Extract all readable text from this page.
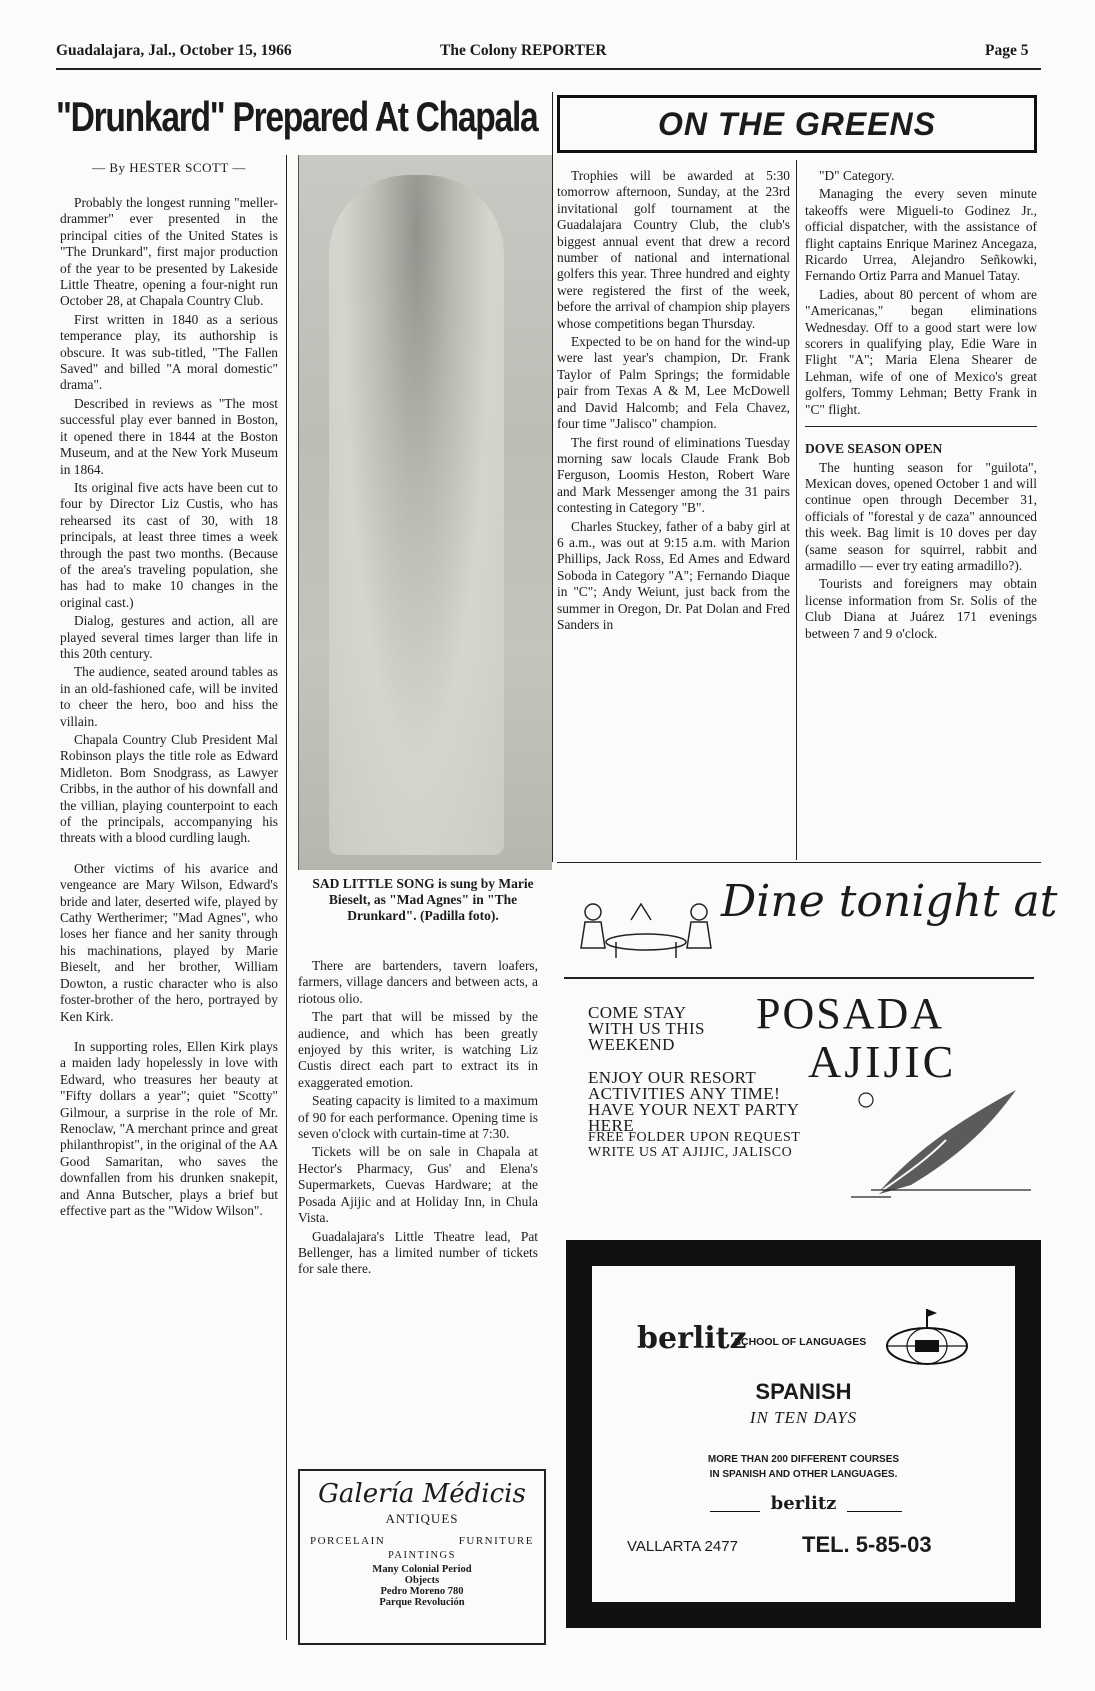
Guadalajara, Jal., October 15, 1966	The Colony REPORTER	Page 5
"Drunkard" Prepared At Chapala
— By HESTER SCOTT —

Probably the longest running "meller-drammer" ever presented in the principal cities of the United States is "The Drunkard", first major production of the year to be presented by Lakeside Little Theatre, opening a four-night run October 28, at Chapala Country Club.

First written in 1840 as a serious temperance play, its authorship is obscure. It was sub-titled, "The Fallen Saved" and billed "A moral domestic" drama".

Described in reviews as "The most successful play ever banned in Boston, it opened there in 1844 at the Boston Museum, and at the New York Museum in 1864.

Its original five acts have been cut to four by Director Liz Custis, who has rehearsed its cast of 30, with 18 principals, at least three times a week through the past two months. (Because of the area's traveling population, she has had to make 10 changes in the original cast.)

Dialog, gestures and action, all are played several times larger than life in this 20th century.

The audience, seated around tables as in an old-fashioned cafe, will be invited to cheer the hero, boo and hiss the villain.

Chapala Country Club President Mal Robinson plays the title role as Edward Midleton. Bom Snodgrass, as Lawyer Cribbs, in the author of his downfall and the villian, playing counterpoint to each of the principals, accompanying his threats with a blood curdling laugh.

Other victims of his avarice and vengeance are Mary Wilson, Edward's bride and later, deserted wife, played by Cathy Wertherimer; "Mad Agnes", who loses her fiance and her sanity through his machinations, played by Marie Bieselt, and her brother, William Dowton, a rustic character who is also foster-brother of the hero, portrayed by Ken Kirk.

In supporting roles, Ellen Kirk plays a maiden lady hopelessly in love with Edward, who treasures her beauty at "Fifty dollars a year"; quiet "Scotty" Gilmour, a surprise in the role of Mr. Renoclaw, "A merchant prince and great philanthropist", in the original of the AA Good Samaritan, who saves the downfallen from his drunken snakepit, and Anna Butscher, plays a brief but effective part as the "Widow Wilson".

SAD LITTLE SONG is sung by Marie Bieselt, as "Mad Agnes" in "The Drunkard". (Padilla foto).

There are bartenders, tavern loafers, farmers, village dancers and between acts, a riotous olio.

The part that will be missed by the audience, and which has been greatly enjoyed by this writer, is watching Liz Custis direct each part to extract its in exaggerated emotion.

Seating capacity is limited to a maximum of 90 for each performance. Opening time is seven o'clock with curtain-time at 7:30.

Tickets will be on sale in Chapala at Hector's Pharmacy, Gus' and Elena's Supermarkets, Cuevas Hardware; at the Posada Ajijic and at Holiday Inn, in Chula Vista.

Guadalajara's Little Theatre lead, Pat Bellenger, has a limited number of tickets for sale there.

Galería Médicis
ANTIQUES
PORCELAIN	FURNITURE
PAINTINGS
Many Colonial Period
Objects
Pedro Moreno 780
Parque Revolución
ON THE GREENS

Trophies will be awarded at 5:30 tomorrow afternoon, Sunday, at the 23rd invitational golf tournament at the Guadalajara Country Club, the club's biggest annual event that drew a record number of national and international golfers this year. Three hundred and eighty were registered the first of the week, before the arrival of champion ship players whose competitions began Thursday.

Expected to be on hand for the wind-up were last year's champion, Dr. Frank Taylor of Palm Springs; the formidable pair from Texas A & M, Lee McDowell and David Halcomb; and Fela Chavez, four time "Jalisco" champion.

The first round of eliminations Tuesday morning saw locals Claude Frank Bob Ferguson, Loomis Heston, Robert Ware and Mark Messenger among the 31 pairs contesting in Category "B".

Charles Stuckey, father of a baby girl at 6 a.m., was out at 9:15 a.m. with Marion Phillips, Jack Ross, Ed Ames and Edward Soboda in Category "A"; Fernando Diaque in "C"; Andy Weiunt, just back from the summer in Oregon, Dr. Pat Dolan and Fred Sanders in

"D" Category.

Managing the every seven minute takeoffs were Migueli-to Godinez Jr., official dispatcher, with the assistance of flight captains Enrique Marinez Ancegaza, Ricardo Urrea, Alejandro Señkowki, Fernando Ortiz Parra and Manuel Tatay.

Ladies, about 80 percent of whom are "Americanas," began eliminations Wednesday. Off to a good start were low scorers in qualifying play, Edie Ware in Flight "A"; Maria Elena Shearer de Lehman, wife of one of Mexico's great golfers, Tommy Lehman; Betty Frank in "C" flight.

DOVE SEASON OPEN

The hunting season for "guilota", Mexican doves, opened October 1 and will continue open through December 31, officials of "forestal y de caza" announced this week. Bag limit is 10 doves per day (same season for squirrel, rabbit and armadillo — ever try eating armadillo?).

Tourists and foreigners may obtain license information from Sr. Solis of the Club Diana at Juárez 171 evenings between 7 and 9 o'clock.

Dine tonight at
COME STAY
WITH US THIS
WEEKEND
POSADA
AJIJIC
ENJOY OUR RESORT
ACTIVITIES ANY TIME!
HAVE YOUR NEXT PARTY
HERE
FREE FOLDER UPON REQUEST
WRITE US AT AJIJIC, JALISCO
berlitz
SCHOOL OF LANGUAGES
SPANISH
IN TEN DAYS
MORE THAN 200 DIFFERENT COURSES
IN SPANISH AND OTHER LANGUAGES.
berlitz
VALLARTA 2477	TEL. 5-85-03
